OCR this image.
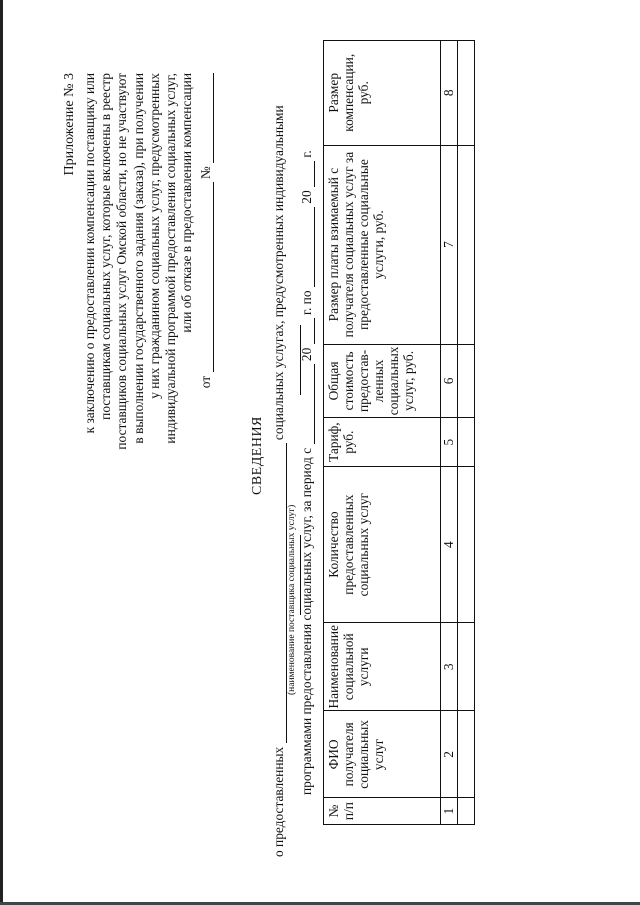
Приложение № 3 к заключению о предоставлении компенсации поставщику или поставщикам социальных услуг, которые включены в реестр поставщиков социальных услуг Омской области, но не участвуют в выполнении государственного задания (заказа), при получении у них гражданином социальных услуг, предусмотренных индивидуальной программой предоставления социальных услуг, или об отказе в предоставлении компенсации
от  №
СВЕДЕНИЯ
о предоставленных  социальных услугах, предусмотренных индивидуальными
(наименование поставщика социальных услуг) программами предоставления социальных услуг, за период с  20  г. по  20  г.
№ п/п	ФИО получателя социальных услуг	Наименование социальной услуги	Количество предоставленных социальных услуг	Тариф, руб.	Общая стоимость предостав- ленных социальных услуг, руб.	Размер платы взимаемый с получателя социальных услуг за предоставленные социальные услуги, руб.	Размер компенсации, руб.
1	2	3	4	5	6	7	8
